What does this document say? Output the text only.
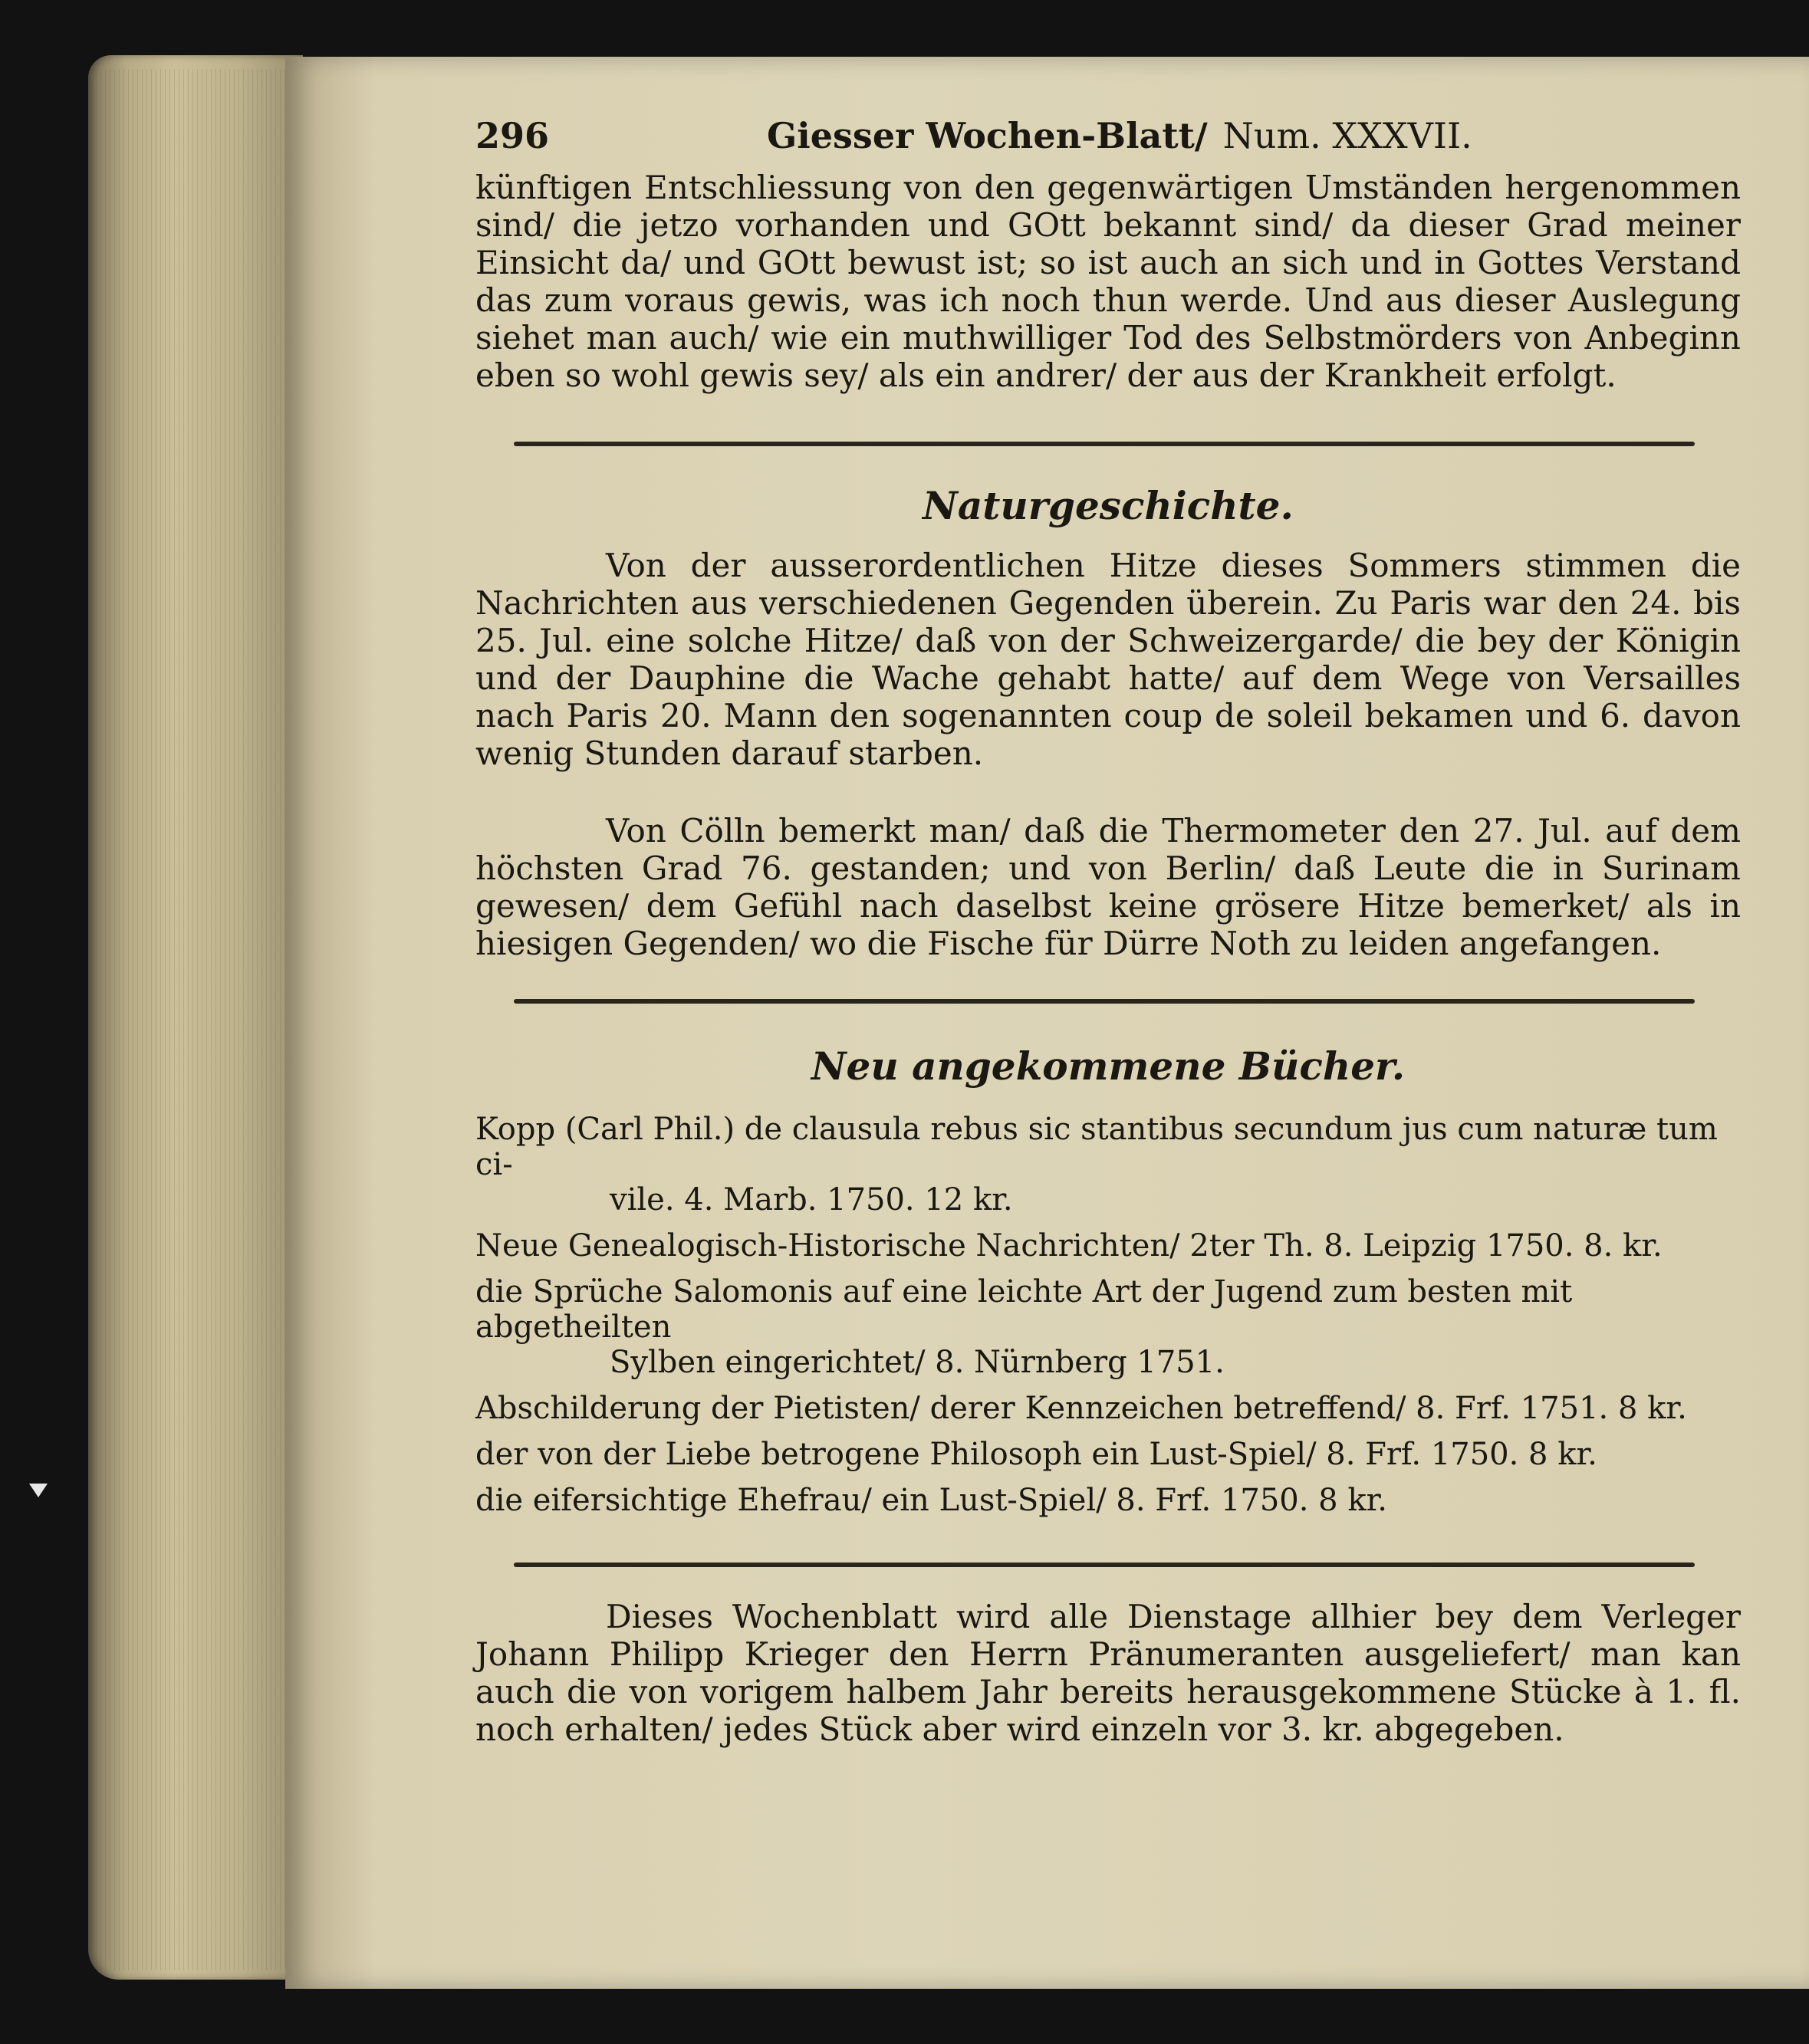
296	Giesser Wochen-Blatt/ Num. XXXVII.

künftigen Entschliessung von den gegenwärtigen Umständen hergenommen sind/ die jetzo vorhanden und GOtt bekannt sind/ da dieser Grad meiner Einsicht da/ und GOtt bewust ist; so ist auch an sich und in Gottes Verstand das zum voraus gewis, was ich noch thun werde. Und aus dieser Auslegung siehet man auch/ wie ein muthwilliger Tod des Selbstmörders von Anbeginn eben so wohl gewis sey/ als ein andrer/ der aus der Krankheit erfolgt.

Naturgeschichte.

Von der ausserordentlichen Hitze dieses Sommers stimmen die Nachrichten aus verschiedenen Gegenden überein. Zu Paris war den 24. bis 25. Jul. eine solche Hitze/ daß von der Schweizergarde/ die bey der Königin und der Dauphine die Wache gehabt hatte/ auf dem Wege von Versailles nach Paris 20. Mann den sogenannten coup de soleil bekamen und 6. davon wenig Stunden darauf starben.

Von Cölln bemerkt man/ daß die Thermometer den 27. Jul. auf dem höchsten Grad 76. gestanden; und von Berlin/ daß Leute die in Surinam gewesen/ dem Gefühl nach daselbst keine grösere Hitze bemerket/ als in hiesigen Gegenden/ wo die Fische für Dürre Noth zu leiden angefangen.

Neu angekommene Bücher.

Kopp (Carl Phil.) de clausula rebus sic stantibus secundum jus cum naturæ tum ci-
vile. 4. Marb. 1750. 12 kr.

Neue Genealogisch-Historische Nachrichten/ 2ter Th. 8. Leipzig 1750. 8. kr.

die Sprüche Salomonis auf eine leichte Art der Jugend zum besten mit abgetheilten
Sylben eingerichtet/ 8. Nürnberg 1751.

Abschilderung der Pietisten/ derer Kennzeichen betreffend/ 8. Frf. 1751. 8 kr.

der von der Liebe betrogene Philosoph ein Lust-Spiel/ 8. Frf. 1750. 8 kr.

die eifersichtige Ehefrau/ ein Lust-Spiel/ 8. Frf. 1750. 8 kr.

Dieses Wochenblatt wird alle Dienstage allhier bey dem Verleger Johann Philipp Krieger den Herrn Pränumeranten ausgeliefert/ man kan auch die von vorigem halbem Jahr bereits herausgekommene Stücke à 1. fl. noch erhalten/ jedes Stück aber wird einzeln vor 3. kr. abgegeben.
